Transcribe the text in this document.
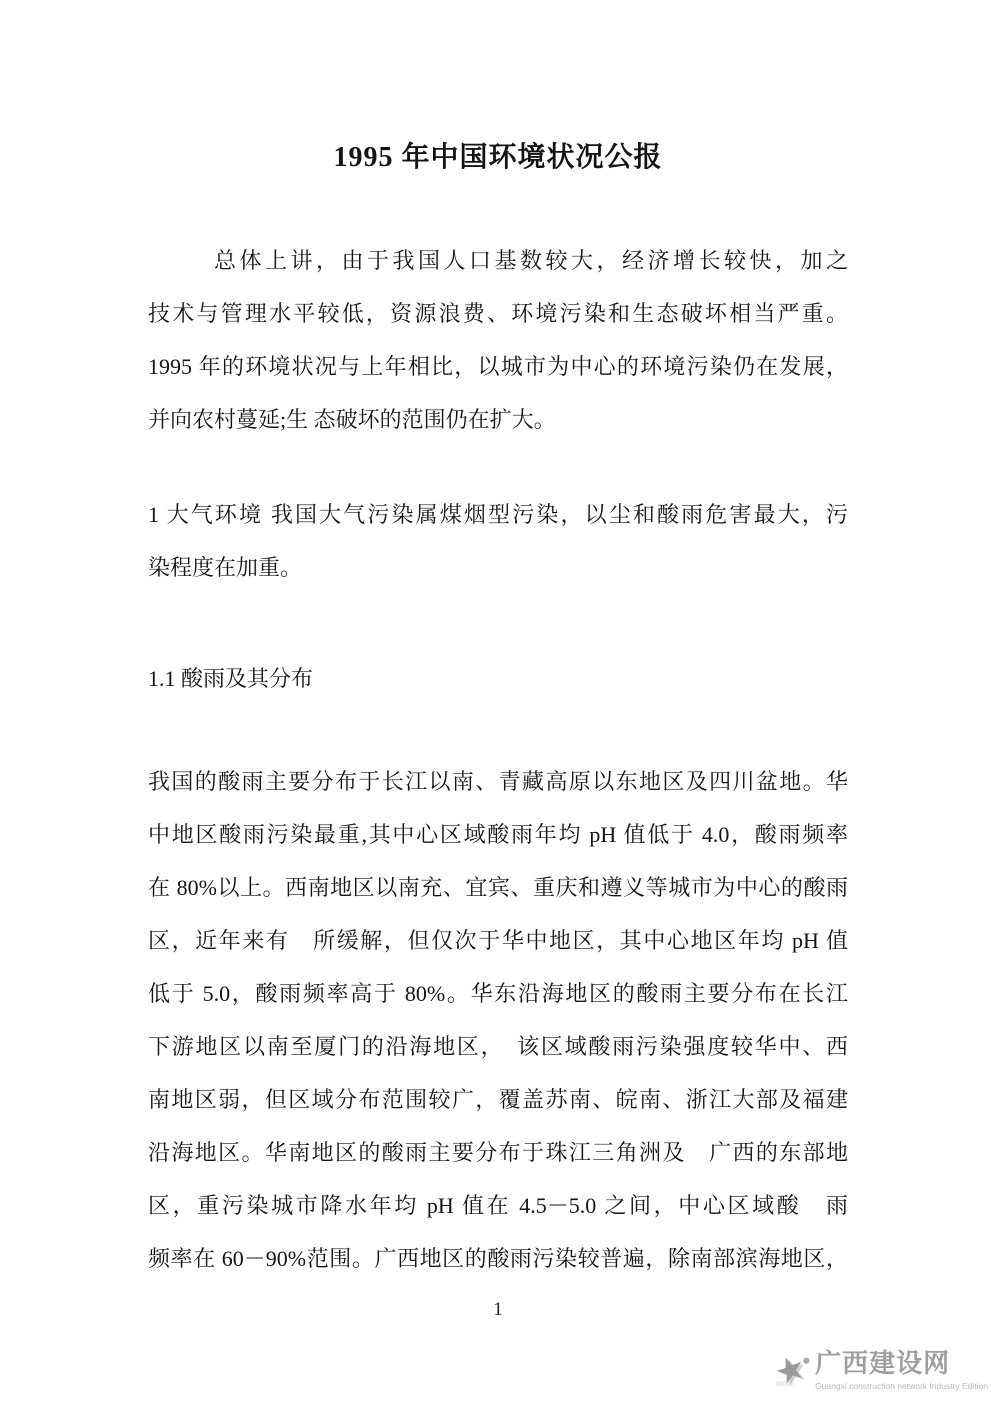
1995 年中国环境状况公报
总体上讲，由于我国人口基数较大，经济增长较快，加之
技术与管理水平较低，资源浪费、环境污染和生态破坏相当严重。
1995 年的环境状况与上年相比，以城市为中心的环境污染仍在发展，
并向农村蔓延;生 态破坏的范围仍在扩大。
1 大气环境 我国大气污染属煤烟型污染，以尘和酸雨危害最大，污
染程度在加重。
1.1 酸雨及其分布
我国的酸雨主要分布于长江以南、青藏高原以东地区及四川盆地。华
中地区酸雨污染最重,其中心区域酸雨年均 pH 值低于 4.0，酸雨频率
在 80%以上。西南地区以南充、宜宾、重庆和遵义等城市为中心的酸雨
区，近年来有　所缓解，但仅次于华中地区，其中心地区年均 pH 值
低于 5.0，酸雨频率高于 80%。华东沿海地区的酸雨主要分布在长江
下游地区以南至厦门的沿海地区，　该区域酸雨污染强度较华中、西
南地区弱，但区域分布范围较广，覆盖苏南、皖南、浙江大部及福建
沿海地区。华南地区的酸雨主要分布于珠江三角洲及　广西的东部地
区，重污染城市降水年均 pH 值在 4.5－5.0 之间，中心区域酸　雨
频率在 60－90%范围。广西地区的酸雨污染较普遍，除南部滨海地区，
1
GCGCE
广西建设网
Guangxi construction network Industry Edition
